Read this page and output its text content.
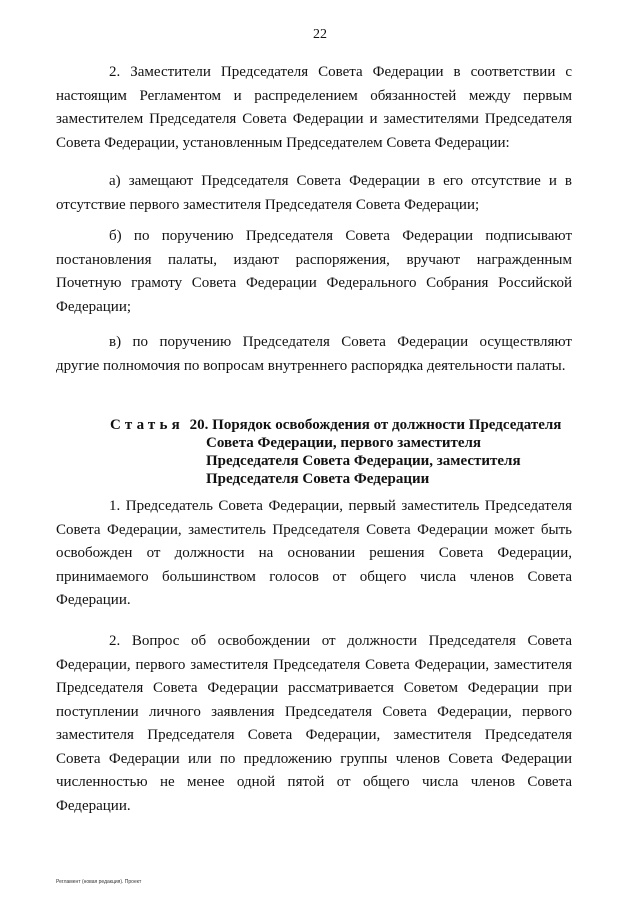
22

2. Заместители Председателя Совета Федерации в соответствии с настоящим Регламентом и распределением обязанностей между первым заместителем Председателя Совета Федерации и заместителями Председателя Совета Федерации, установленным Председателем Совета Федерации:

а) замещают Председателя Совета Федерации в его отсутствие и в отсутствие первого заместителя Председателя Совета Федерации;

б) по поручению Председателя Совета Федерации подписывают постановления палаты, издают распоряжения, вручают награжденным Почетную грамоту Совета Федерации Федерального Собрания Российской Федерации;

в) по поручению Председателя Совета Федерации осуществляют другие полномочия по вопросам внутреннего распорядка деятельности палаты.

Статья 20. Порядок освобождения от должности Председателя
Совета Федерации, первого заместителя
Председателя Совета Федерации, заместителя
Председателя Совета Федерации

1. Председатель Совета Федерации, первый заместитель Председателя Совета Федерации, заместитель Председателя Совета Федерации может быть освобожден от должности на основании решения Совета Федерации, принимаемого большинством голосов от общего числа членов Совета Федерации.

2. Вопрос об освобождении от должности Председателя Совета Федерации, первого заместителя Председателя Совета Федерации, заместителя Председателя Совета Федерации рассматривается Советом Федерации при поступлении личного заявления Председателя Совета Федерации, первого заместителя Председателя Совета Федерации, заместителя Председателя Совета Федерации или по предложению группы членов Совета Федерации численностью не менее одной пятой от общего числа членов Совета Федерации.

Регламент (новая редакция). Проект
